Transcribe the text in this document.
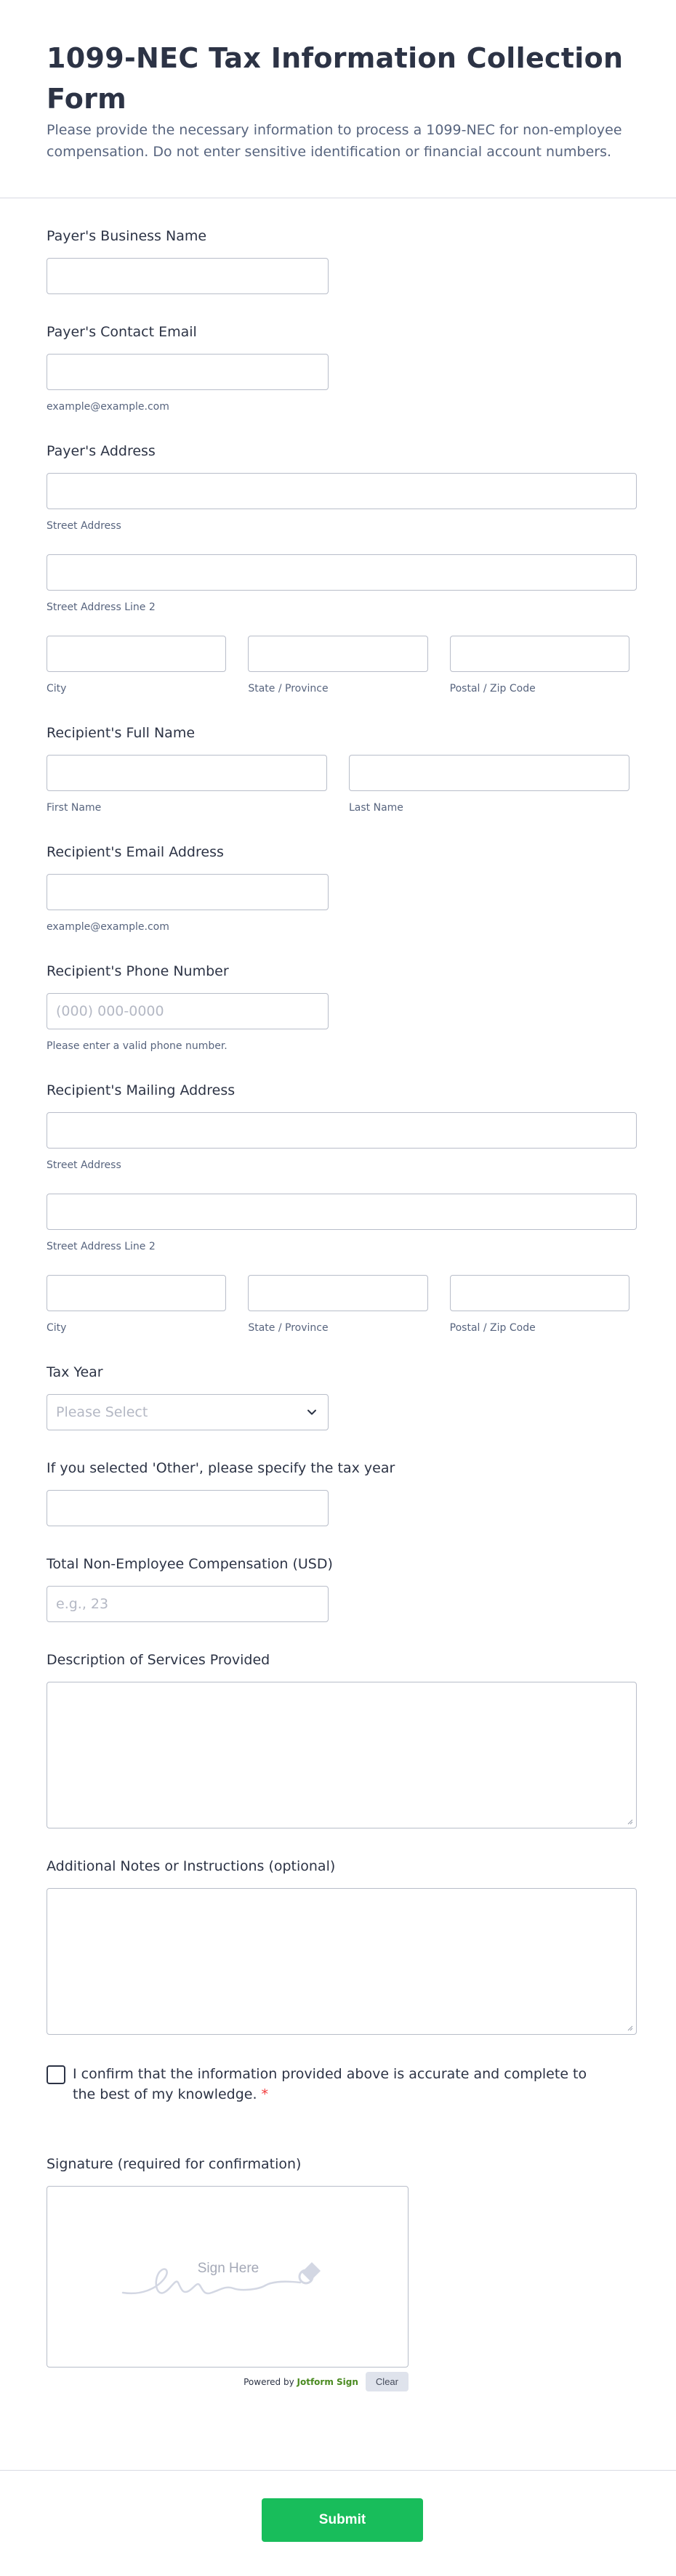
1099-NEC Tax Information Collection Form

Please provide the necessary information to process a 1099-NEC for non-employee compensation. Do not enter sensitive identification or financial account numbers.

Payer's Business Name
Payer's Contact Email
example@example.com
Payer's Address
Street Address
Street Address Line 2
City	State / Province	Postal / Zip Code
Recipient's Full Name
First Name	Last Name
Recipient's Email Address
example@example.com
Recipient's Phone Number
(000) 000-0000
Please enter a valid phone number.
Recipient's Mailing Address
Street Address
Street Address Line 2
City	State / Province	Postal / Zip Code
Tax Year
Please Select
If you selected 'Other', please specify the tax year
Total Non-Employee Compensation (USD)
e.g., 23
Description of Services Provided
Additional Notes or Instructions (optional)
I confirm that the information provided above is accurate and complete to the best of my knowledge. *
Signature (required for confirmation)
Sign Here
Powered by Jotform Sign	Clear
Submit
